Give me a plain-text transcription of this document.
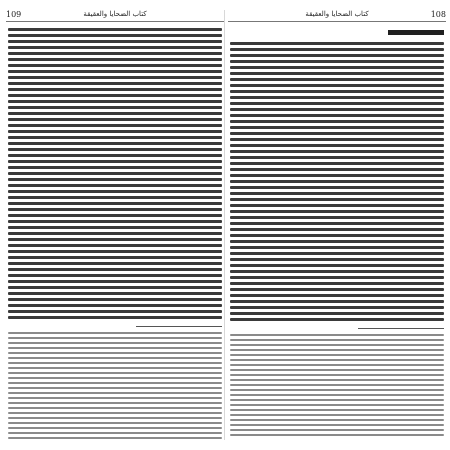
109	كتاب الضحايا والعقيقة	108
كتاب الضحايا والعقيقة
